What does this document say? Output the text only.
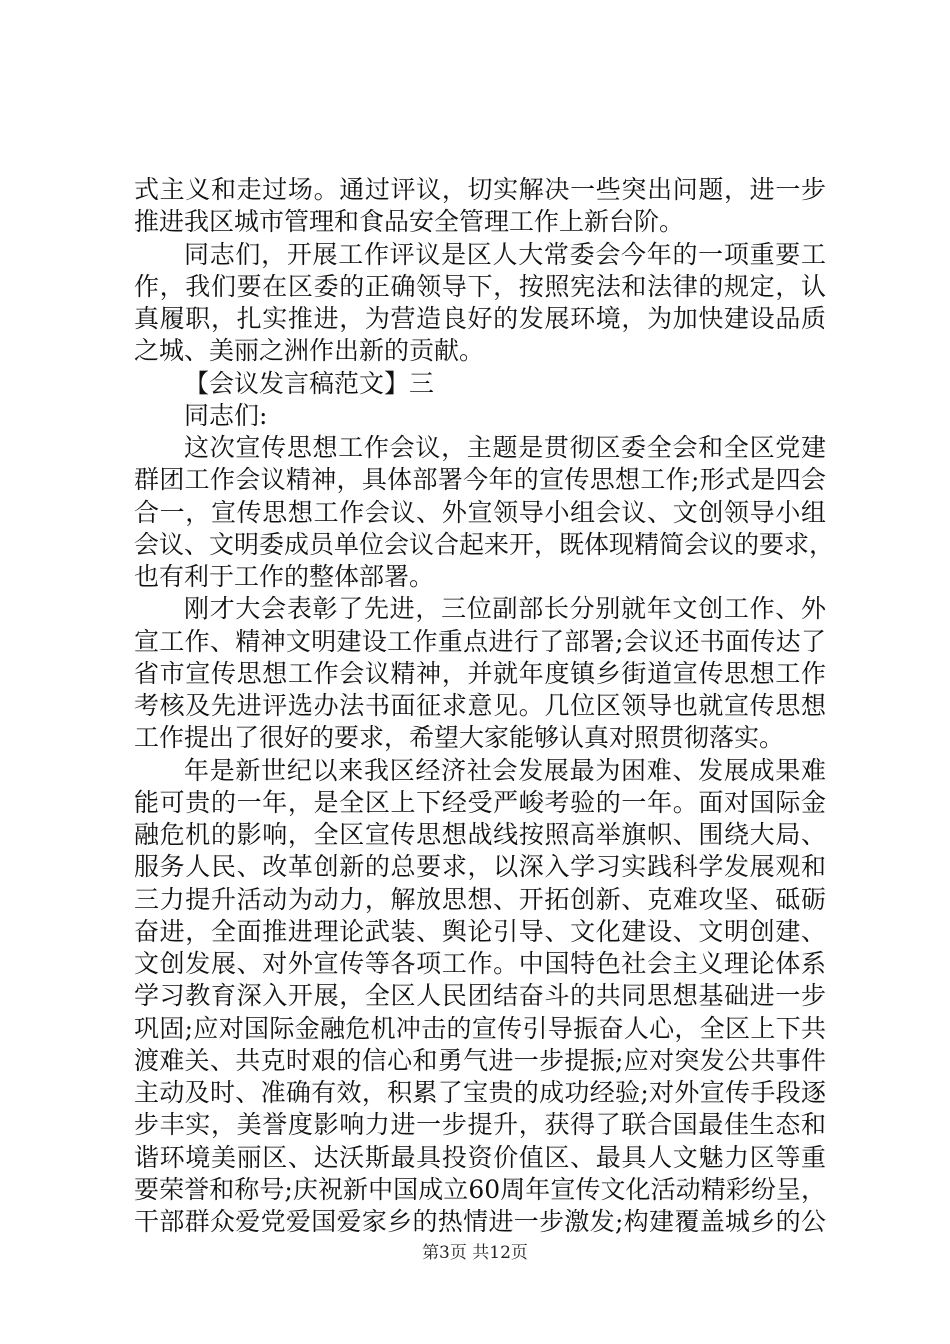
式主义和走过场。通过评议，切实解决一些突出问题，进一步
推进我区城市管理和食品安全管理工作上新台阶。
同志们，开展工作评议是区人大常委会今年的一项重要工
作，我们要在区委的正确领导下，按照宪法和法律的规定，认
真履职，扎实推进，为营造良好的发展环境，为加快建设品质
之城、美丽之洲作出新的贡献。
【会议发言稿范文】三
同志们:
这次宣传思想工作会议，主题是贯彻区委全会和全区党建
群团工作会议精神，具体部署今年的宣传思想工作;形式是四会
合一，宣传思想工作会议、外宣领导小组会议、文创领导小组
会议、文明委成员单位会议合起来开，既体现精简会议的要求，
也有利于工作的整体部署。
刚才大会表彰了先进，三位副部长分别就年文创工作、外
宣工作、精神文明建设工作重点进行了部署;会议还书面传达了
省市宣传思想工作会议精神，并就年度镇乡街道宣传思想工作
考核及先进评选办法书面征求意见。几位区领导也就宣传思想
工作提出了很好的要求，希望大家能够认真对照贯彻落实。
年是新世纪以来我区经济社会发展最为困难、发展成果难
能可贵的一年，是全区上下经受严峻考验的一年。面对国际金
融危机的影响，全区宣传思想战线按照高举旗帜、围绕大局、
服务人民、改革创新的总要求，以深入学习实践科学发展观和
三力提升活动为动力，解放思想、开拓创新、克难攻坚、砥砺
奋进，全面推进理论武装、舆论引导、文化建设、文明创建、
文创发展、对外宣传等各项工作。中国特色社会主义理论体系
学习教育深入开展，全区人民团结奋斗的共同思想基础进一步
巩固;应对国际金融危机冲击的宣传引导振奋人心，全区上下共
渡难关、共克时艰的信心和勇气进一步提振;应对突发公共事件
主动及时、准确有效，积累了宝贵的成功经验;对外宣传手段逐
步丰实，美誉度影响力进一步提升，获得了联合国最佳生态和
谐环境美丽区、达沃斯最具投资价值区、最具人文魅力区等重
要荣誉和称号;庆祝新中国成立60周年宣传文化活动精彩纷呈，
干部群众爱党爱国爱家乡的热情进一步激发;构建覆盖城乡的公
第3页 共12页
